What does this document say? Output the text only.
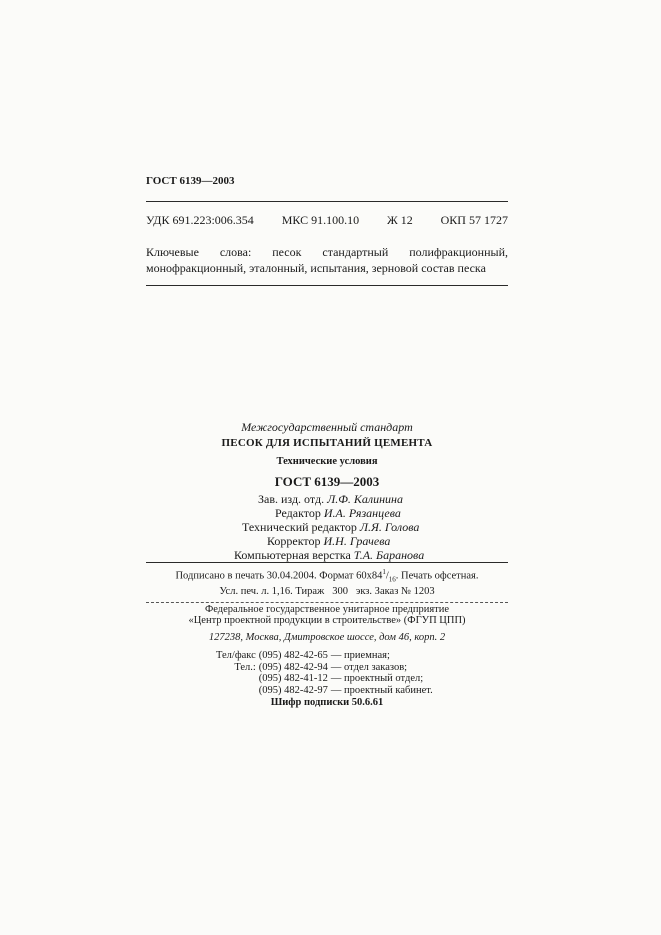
ГОСТ 6139—2003
УДК 691.223:006.354 МКС 91.100.10 Ж 12 ОКП 57 1727
Ключевые слова: песок стандартный полифракционный, монофракционный, эталонный, испытания, зерновой состав песка
Межгосударственный стандарт
ПЕСОК ДЛЯ ИСПЫТАНИЙ ЦЕМЕНТА
Технические условия
ГОСТ 6139—2003
Зав. изд. отд. Л.Ф. Калинина
Редактор И.А. Рязанцева
Технический редактор Л.Я. Голова
Корректор И.Н. Грачева
Компьютерная верстка Т.А. Баранова
Подписано в печать 30.04.2004. Формат $60х84^1/_{16}$. Печать офсетная.
Усл. печ. л. 1,16. Тираж 300 экз. Заказ № 1203
Федеральное государственное унитарное предприятие
«Центр проектной продукции в строительстве» (ФГУП ЦПП)
127238, Москва, Дмитровское шоссе, дом 46, корп. 2
Тел/факс	(095) 482-42-65	— приемная;
Тел.:	(095) 482-42-94	— отдел заказов;
	(095) 482-41-12	— проектный отдел;
	(095) 482-42-97	— проектный кабинет.
Шифр подписки 50.6.61
